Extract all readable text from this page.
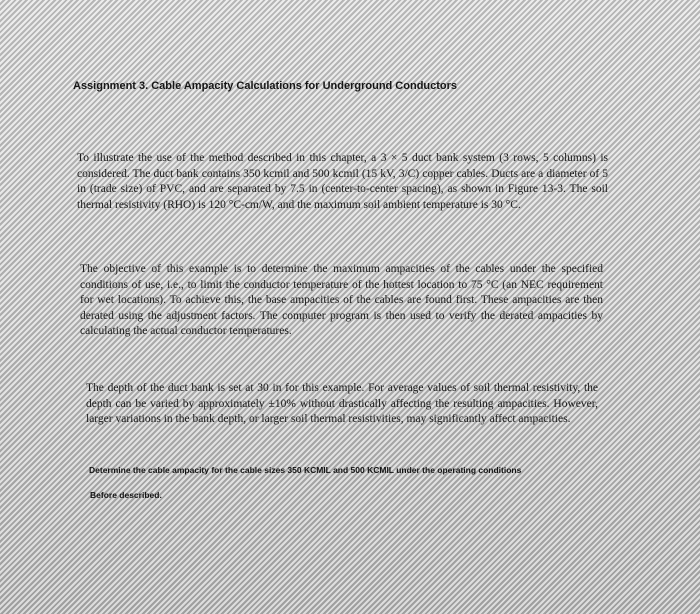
Assignment 3. Cable Ampacity Calculations for Underground Conductors

To illustrate the use of the method described in this chapter, a 3 × 5 duct bank system (3 rows, 5 columns) is considered. The duct bank contains 350 kcmil and 500 kcmil (15 kV, 3/C) copper cables. Ducts are a diameter of 5 in (trade size) of PVC, and are separated by 7.5 in (center-to-center spacing), as shown in Figure 13-3. The soil thermal resistivity (RHO) is 120 °C-cm/W, and the maximum soil ambient temperature is 30 °C.

The objective of this example is to determine the maximum ampacities of the cables under the specified conditions of use, i.e., to limit the conductor temperature of the hottest location to 75 °C (an NEC requirement for wet locations). To achieve this, the base ampacities of the cables are found first. These ampacities are then derated using the adjustment factors. The computer program is then used to verify the derated ampacities by calculating the actual conductor temperatures.

The depth of the duct bank is set at 30 in for this example. For average values of soil thermal resistivity, the depth can be varied by approximately ±10% without drastically affecting the resulting ampacities. However, larger variations in the bank depth, or larger soil thermal resistivities, may significantly affect ampacities.

Determine the cable ampacity for the cable sizes 350 KCMIL and 500 KCMIL under the operating conditions
Before described.
